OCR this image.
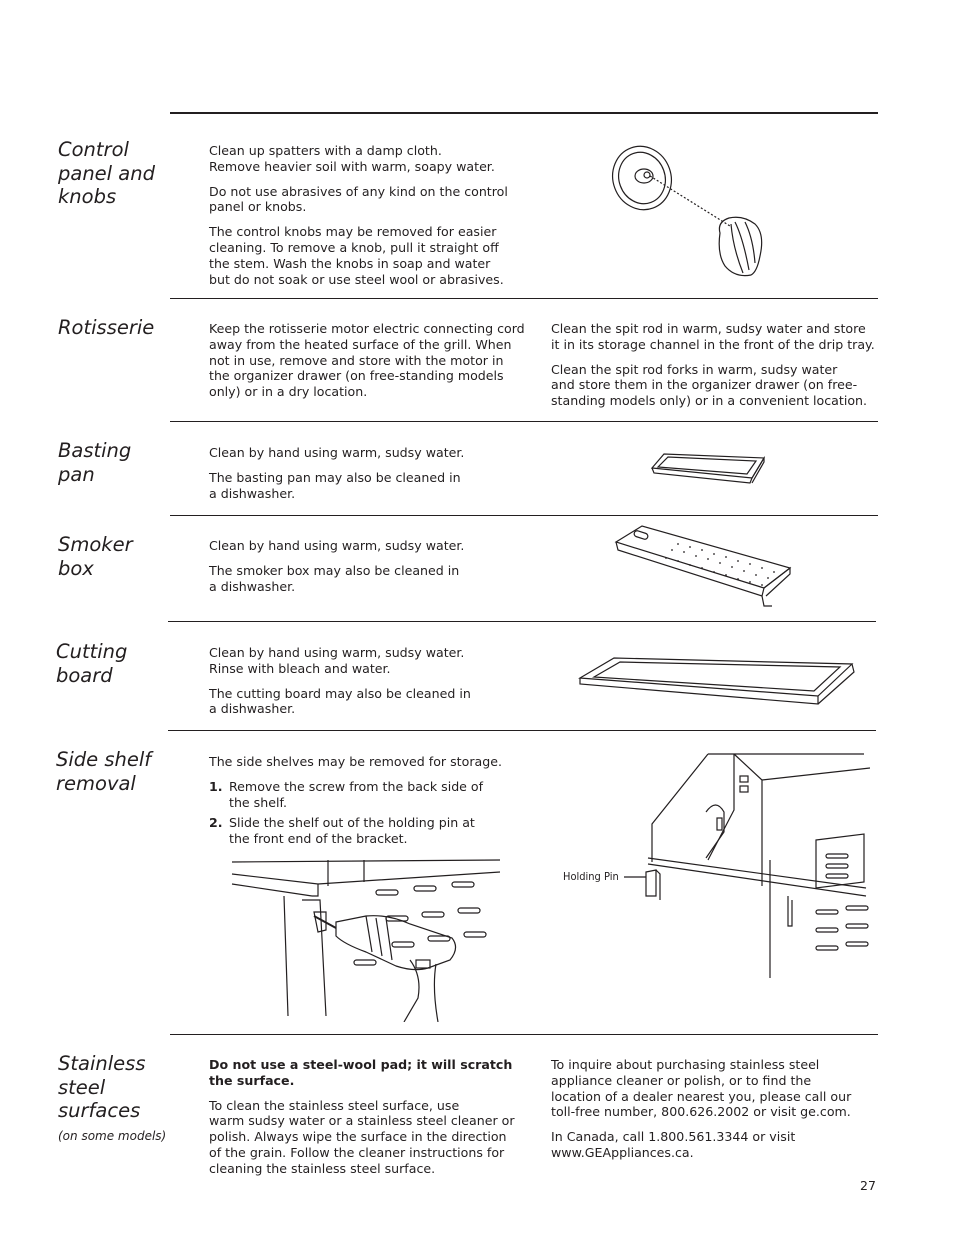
Control panel and knobs

Clean up spatters with a damp cloth.
Remove heavier soil with warm, soapy water.

Do not use abrasives of any kind on the control
panel or knobs.

The control knobs may be removed for easier
cleaning. To remove a knob, pull it straight off
the stem. Wash the knobs in soap and water
but do not soak or use steel wool or abrasives.

Rotisserie	Keep the rotisserie motor electric connecting cord
away from the heated surface of the grill. When
not in use, remove and store with the motor in
the organizer drawer (on free-standing models
only) or in a dry location.

Clean the spit rod in warm, sudsy water and store
it in its storage channel in the front of the drip tray.

Clean the spit rod forks in warm, sudsy water
and store them in the organizer drawer (on free-
standing models only) or in a convenient location.

Basting pan

Clean by hand using warm, sudsy water.

The basting pan may also be cleaned in
a dishwasher.

Smoker box

Clean by hand using warm, sudsy water.

The smoker box may also be cleaned in
a dishwasher.

Cutting board

Clean by hand using warm, sudsy water.
Rinse with bleach and water.

The cutting board may also be cleaned in
a dishwasher.

Side shelf removal

The side shelves may be removed for storage.

1. Remove the screw from the back side of
the shelf.
2. Slide the shelf out of the holding pin at
the front end of the bracket.
Holding Pin
Stainless steel surfaces
(on some models)

Do not use a steel-wool pad; it will scratch
the surface.

To clean the stainless steel surface, use
warm sudsy water or a stainless steel cleaner or
polish. Always wipe the surface in the direction
of the grain. Follow the cleaner instructions for
cleaning the stainless steel surface.

To inquire about purchasing stainless steel
appliance cleaner or polish, or to find the
location of a dealer nearest you, please call our
toll-free number, 800.626.2002 or visit ge.com.

In Canada, call 1.800.561.3344 or visit
www.GEAppliances.ca.

27
